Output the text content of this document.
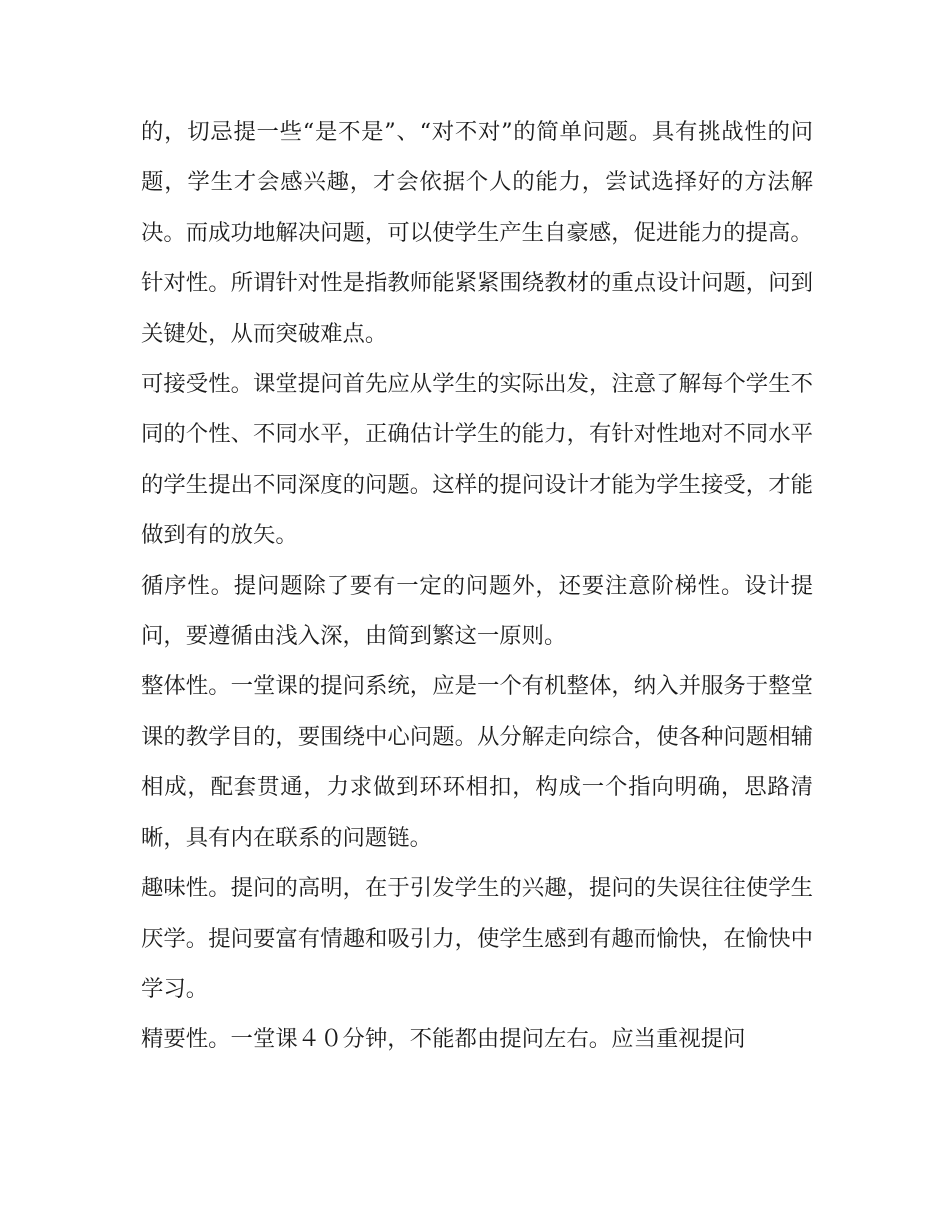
的，切忌提一些“是不是”、“对不对”的简单问题。具有挑战性的问题，学生才会感兴趣，才会依据个人的能力，尝试选择好的方法解决。而成功地解决问题，可以使学生产生自豪感，促进能力的提高。

针对性。所谓针对性是指教师能紧紧围绕教材的重点设计问题，问到关键处，从而突破难点。

可接受性。课堂提问首先应从学生的实际出发，注意了解每个学生不同的个性、不同水平，正确估计学生的能力，有针对性地对不同水平的学生提出不同深度的问题。这样的提问设计才能为学生接受，才能做到有的放矢。

循序性。提问题除了要有一定的问题外，还要注意阶梯性。设计提问，要遵循由浅入深，由简到繁这一原则。

整体性。一堂课的提问系统，应是一个有机整体，纳入并服务于整堂课的教学目的，要围绕中心问题。从分解走向综合，使各种问题相辅相成，配套贯通，力求做到环环相扣，构成一个指向明确，思路清晰，具有内在联系的问题链。

趣味性。提问的高明，在于引发学生的兴趣，提问的失误往往使学生厌学。提问要富有情趣和吸引力，使学生感到有趣而愉快，在愉快中学习。

精要性。一堂课４０分钟，不能都由提问左右。应当重视提问
